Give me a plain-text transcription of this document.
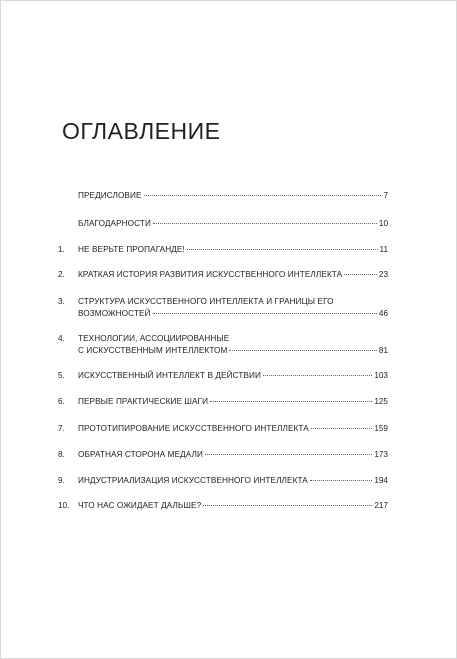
ОГЛАВЛЕНИЕ
ПРЕДИСЛОВИЕ	7
БЛАГОДАРНОСТИ	10
1. НЕ ВЕРЬТЕ ПРОПАГАНДЕ!	11
2. КРАТКАЯ ИСТОРИЯ РАЗВИТИЯ ИСКУССТВЕННОГО ИНТЕЛЛЕКТА	23
3. СТРУКТУРА ИСКУССТВЕННОГО ИНТЕЛЛЕКТА И ГРАНИЦЫ ЕГО
ВОЗМОЖНОСТЕЙ	46
4. ТЕХНОЛОГИИ, АССОЦИИРОВАННЫЕ
С ИСКУССТВЕННЫМ ИНТЕЛЛЕКТОМ	81
5. ИСКУССТВЕННЫЙ ИНТЕЛЛЕКТ В ДЕЙСТВИИ	103
6. ПЕРВЫЕ ПРАКТИЧЕСКИЕ ШАГИ	125
7. ПРОТОТИПИРОВАНИЕ ИСКУССТВЕННОГО ИНТЕЛЛЕКТА	159
8. ОБРАТНАЯ СТОРОНА МЕДАЛИ	173
9. ИНДУСТРИАЛИЗАЦИЯ ИСКУССТВЕННОГО ИНТЕЛЛЕКТА	194
10. ЧТО НАС ОЖИДАЕТ ДАЛЬШЕ?	217
